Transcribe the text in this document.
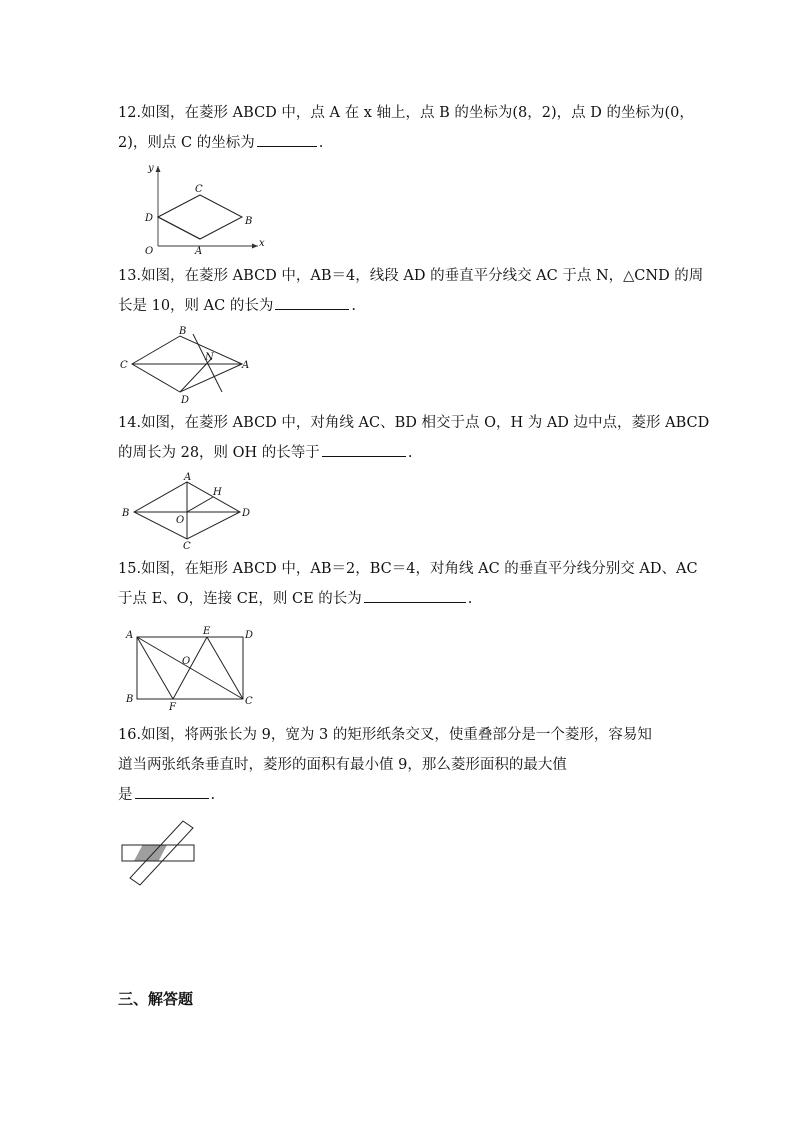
12.如图，在菱形 ABCD 中，点 A 在 x 轴上，点 B 的坐标为(8，2)，点 D 的坐标为(0，
2)，则点 C 的坐标为	.
y
C
D	B
O	A
x
13.如图，在菱形 ABCD 中，AB＝4，线段 AD 的垂直平分线交 AC 于点 N，△CND 的周
长是 10，则 AC 的长为	.
B
N
C	A
D
14.如图，在菱形 ABCD 中，对角线 AC、BD 相交于点 O，H 为 AD 边中点，菱形 ABCD
的周长为 28，则 OH 的长等于	.
A
H
B
O
D
C
15.如图，在矩形 ABCD 中，AB＝2，BC＝4，对角线 AC 的垂直平分线分别交 AD、AC
于点 E、O，连接 CE，则 CE 的长为	.
A	E	D
O
B
F
C
16.如图，将两张长为 9，宽为 3 的矩形纸条交叉，使重叠部分是一个菱形，容易知
道当两张纸条垂直时，菱形的面积有最小值 9，那么菱形面积的最大值
是	.
三、解答题
